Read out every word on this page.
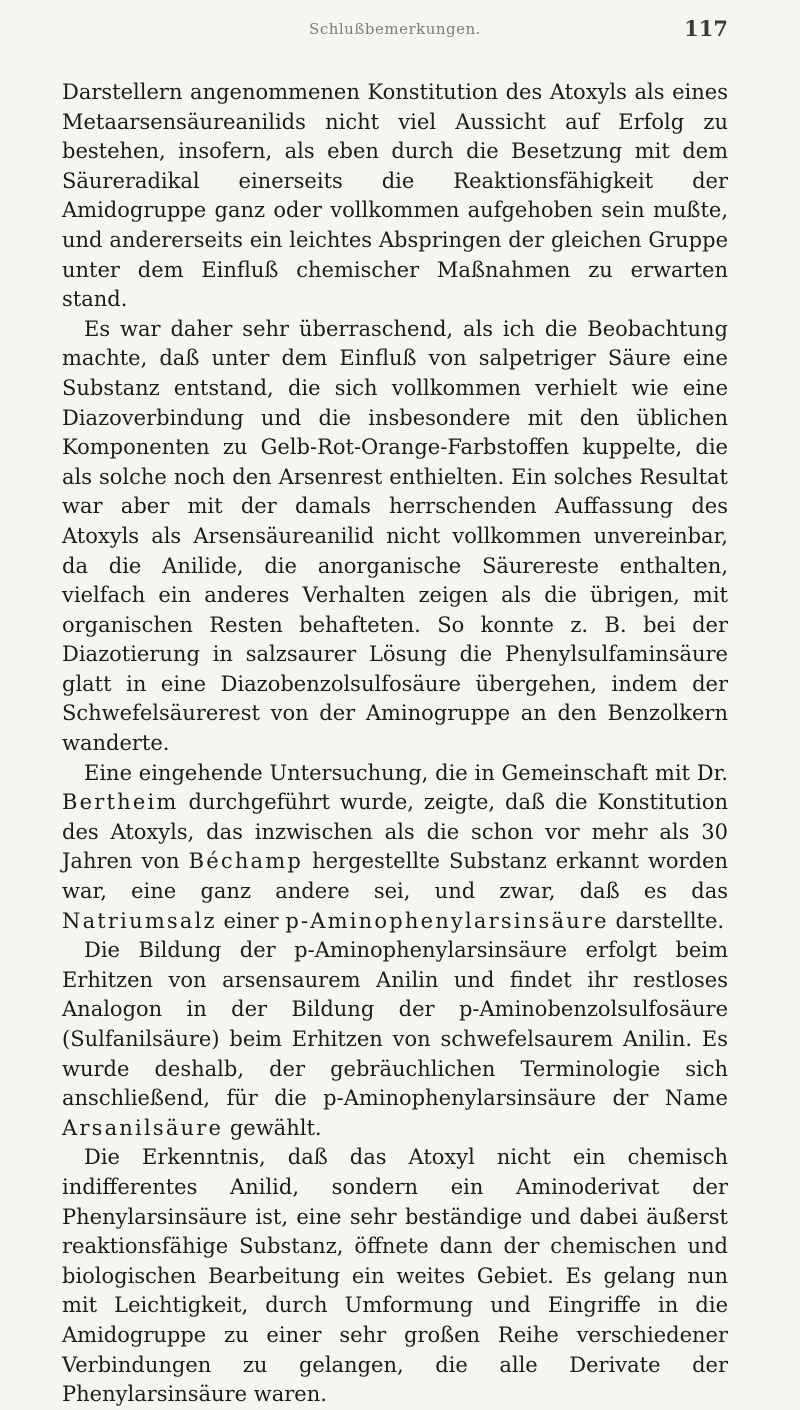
Schlußbemerkungen.	117

Darstellern angenommenen Konstitution des Atoxyls als eines Metaarsensäureanilids nicht viel Aussicht auf Erfolg zu bestehen, insofern, als eben durch die Besetzung mit dem Säureradikal einerseits die Reaktionsfähigkeit der Amidogruppe ganz oder vollkommen aufgehoben sein mußte, und andererseits ein leichtes Abspringen der gleichen Gruppe unter dem Einfluß chemischer Maßnahmen zu erwarten stand.

Es war daher sehr überraschend, als ich die Beobachtung machte, daß unter dem Einfluß von salpetriger Säure eine Substanz entstand, die sich vollkommen verhielt wie eine Diazoverbindung und die insbesondere mit den üblichen Komponenten zu Gelb-Rot-Orange-Farbstoffen kuppelte, die als solche noch den Arsenrest enthielten. Ein solches Resultat war aber mit der damals herrschenden Auffassung des Atoxyls als Arsensäureanilid nicht vollkommen unvereinbar, da die Anilide, die anorganische Säurereste enthalten, vielfach ein anderes Verhalten zeigen als die übrigen, mit organischen Resten behafteten. So konnte z. B. bei der Diazotierung in salzsaurer Lösung die Phenylsulfaminsäure glatt in eine Diazobenzolsulfosäure übergehen, indem der Schwefelsäurerest von der Aminogruppe an den Benzolkern wanderte.

Eine eingehende Untersuchung, die in Gemeinschaft mit Dr. Bertheim durchgeführt wurde, zeigte, daß die Konstitution des Atoxyls, das inzwischen als die schon vor mehr als 30 Jahren von Béchamp hergestellte Substanz erkannt worden war, eine ganz andere sei, und zwar, daß es das Natriumsalz einer p-Aminophenylarsinsäure darstellte.

Die Bildung der p-Aminophenylarsinsäure erfolgt beim Erhitzen von arsensaurem Anilin und findet ihr restloses Analogon in der Bildung der p-Aminobenzolsulfosäure (Sulfanilsäure) beim Erhitzen von schwefelsaurem Anilin. Es wurde deshalb, der gebräuchlichen Terminologie sich anschließend, für die p-Aminophenylarsinsäure der Name Arsanilsäure gewählt.

Die Erkenntnis, daß das Atoxyl nicht ein chemisch indifferentes Anilid, sondern ein Aminoderivat der Phenylarsinsäure ist, eine sehr beständige und dabei äußerst reaktionsfähige Substanz, öffnete dann der chemischen und biologischen Bearbeitung ein weites Gebiet. Es gelang nun mit Leichtigkeit, durch Umformung und Eingriffe in die Amidogruppe zu einer sehr großen Reihe verschiedener Verbindungen zu gelangen, die alle Derivate der Phenylarsinsäure waren.
